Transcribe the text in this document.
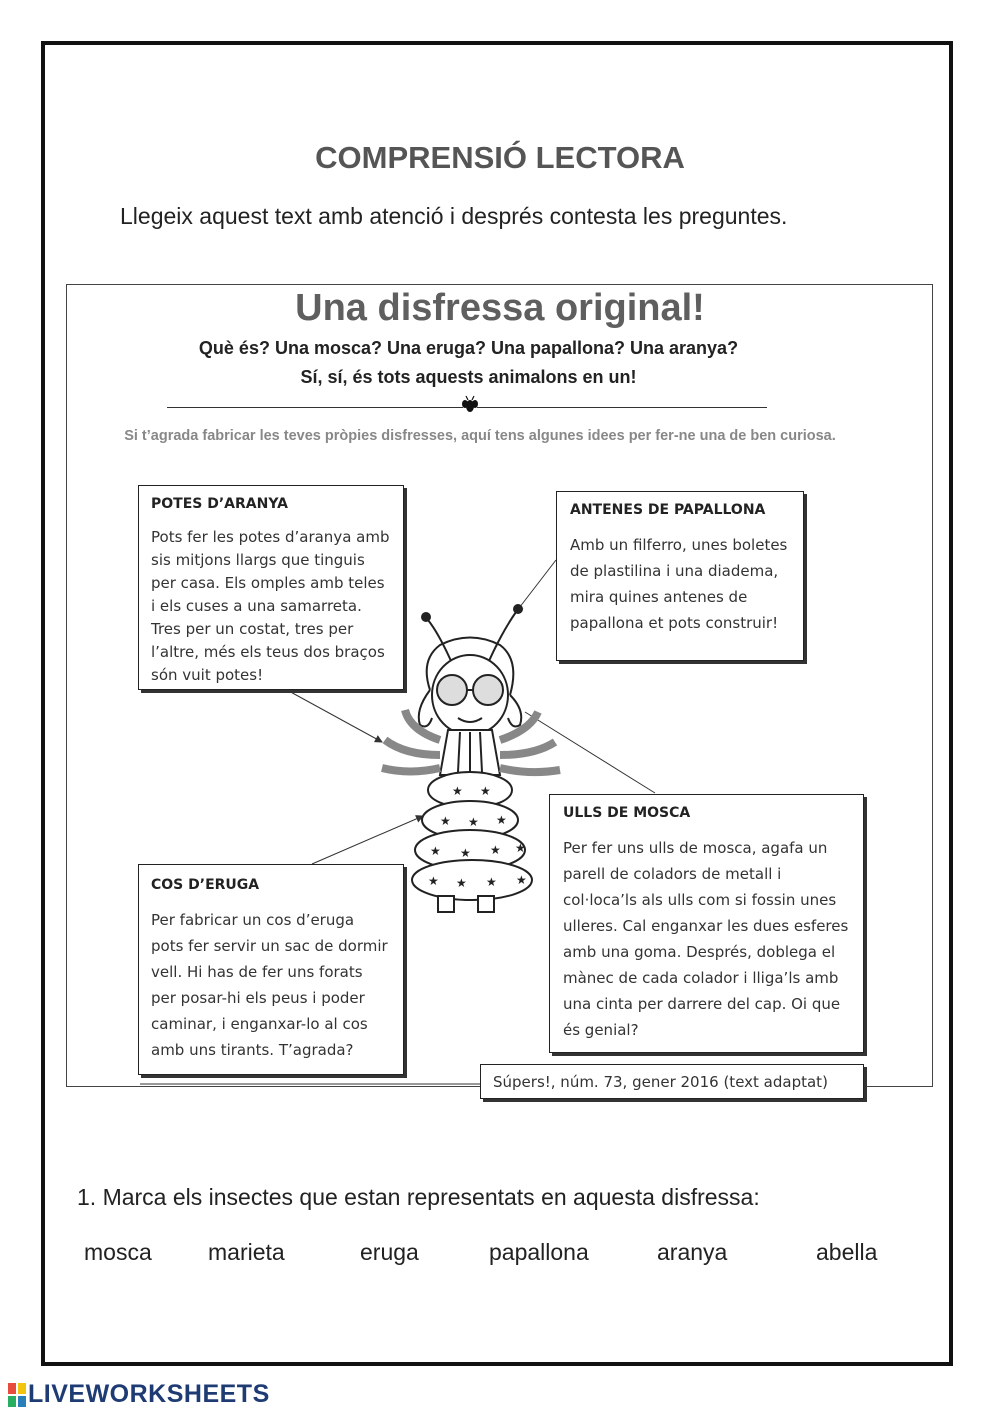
COMPRENSIÓ LECTORA
Llegeix aquest text amb atenció i després contesta les preguntes.
Una disfressa original!
Què és? Una mosca? Una eruga? Una papallona? Una aranya?
Sí, sí, és tots aquests animalons en un!
Si t’agrada fabricar les teves pròpies disfresses, aquí tens algunes idees per fer-ne una de ben curiosa.
★ ★
★ ★ ★
★ ★ ★ ★
★ ★ ★ ★
POTES D’ARANYA
Pots fer les potes d’aranya amb sis mitjons llargs que tinguis per casa. Els omples amb teles i els cuses a una samarreta. Tres per un costat, tres per l’altre, més els teus dos braços són vuit potes!
ANTENES DE PAPALLONA
Amb un filferro, unes boletes de plastilina i una diadema, mira quines antenes de papallona et pots construir!
ULLS DE MOSCA
Per fer uns ulls de mosca, agafa un parell de coladors de metall i col·loca’ls als ulls com si fossin unes ulleres. Cal enganxar les dues esferes amb una goma. Després, doblega el mànec de cada colador i lliga’ls amb una cinta per darrere del cap. Oi que és genial?
COS D’ERUGA
Per fabricar un cos d’eruga pots fer servir un sac de dormir vell. Hi has de fer uns forats per posar-hi els peus i poder caminar, i enganxar-lo al cos amb uns tirants. T’agrada?
Súpers!, núm. 73, gener 2016 (text adaptat)
1. Marca els insectes que estan representats en aquesta disfressa:
mosca marieta	eruga	papallona	aranya	abella
LIVEWORKSHEETS
